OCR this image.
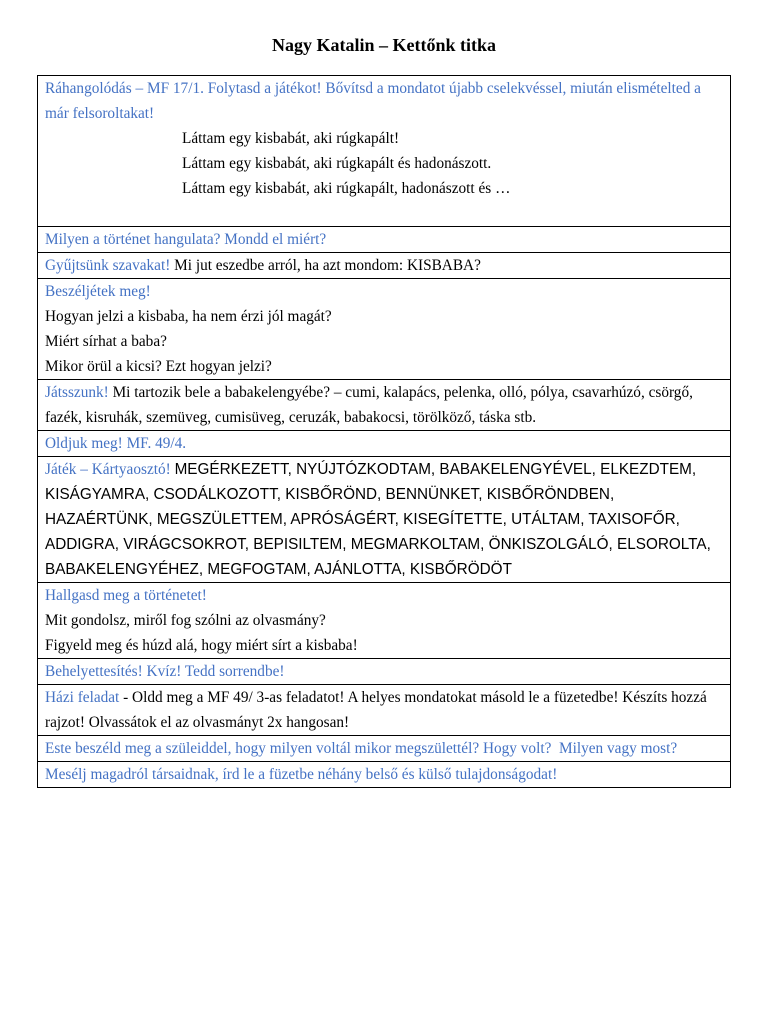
Nagy Katalin – Kettőnk titka
Ráhangolódás – MF 17/1. Folytasd a játékot! Bővítsd a mondatot újabb cselekvéssel, miután elismételted a már felsoroltakat!
Láttam egy kisbabát, aki rúgkapált!
Láttam egy kisbabát, aki rúgkapált és hadonászott.
Láttam egy kisbabát, aki rúgkapált, hadonászott és …

Milyen a történet hangulata? Mondd el miért?

Gyűjtsünk szavakat! Mi jut eszedbe arról, ha azt mondom: KISBABA?

Beszéljétek meg!
Hogyan jelzi a kisbaba, ha nem érzi jól magát?
Miért sírhat a baba?
Mikor örül a kicsi? Ezt hogyan jelzi?

Játsszunk! Mi tartozik bele a babakelengyébe? – cumi, kalapács, pelenka, olló, pólya, csavarhúzó, csörgő, fazék, kisruhák, szemüveg, cumisüveg, ceruzák, babakocsi, törölköző, táska stb.

Oldjuk meg! MF. 49/4.

Játék – Kártyaosztó! MEGÉRKEZETT, NYÚJTÓZKODTAM, BABAKELENGYÉVEL, ELKEZDTEM, KISÁGYAMRA, CSODÁLKOZOTT, KISBŐRÖND, BENNÜNKET, KISBŐRÖNDBEN, HAZAÉRTÜNK, MEGSZÜLETTEM, APRÓSÁGÉRT, KISEGÍTETTE, UTÁLTAM, TAXISOFŐR, ADDIGRA, VIRÁGCSOKROT, BEPISILTEM, MEGMARKOLTAM, ÖNKISZOLGÁLÓ, ELSOROLTA, BABAKELENGYÉHEZ, MEGFOGTAM, AJÁNLOTTA, KISBŐRÖDÖT

Hallgasd meg a történetet!
Mit gondolsz, miről fog szólni az olvasmány?
Figyeld meg és húzd alá, hogy miért sírt a kisbaba!

Behelyettesítés! Kvíz! Tedd sorrendbe!

Házi feladat - Oldd meg a MF 49/ 3-as feladatot! A helyes mondatokat másold le a füzetedbe! Készíts hozzá rajzot! Olvassátok el az olvasmányt 2x hangosan!

Este beszéld meg a szüleiddel, hogy milyen voltál mikor megszülettél? Hogy volt?  Milyen vagy most?

Mesélj magadról társaidnak, írd le a füzetbe néhány belső és külső tulajdonságodat!
